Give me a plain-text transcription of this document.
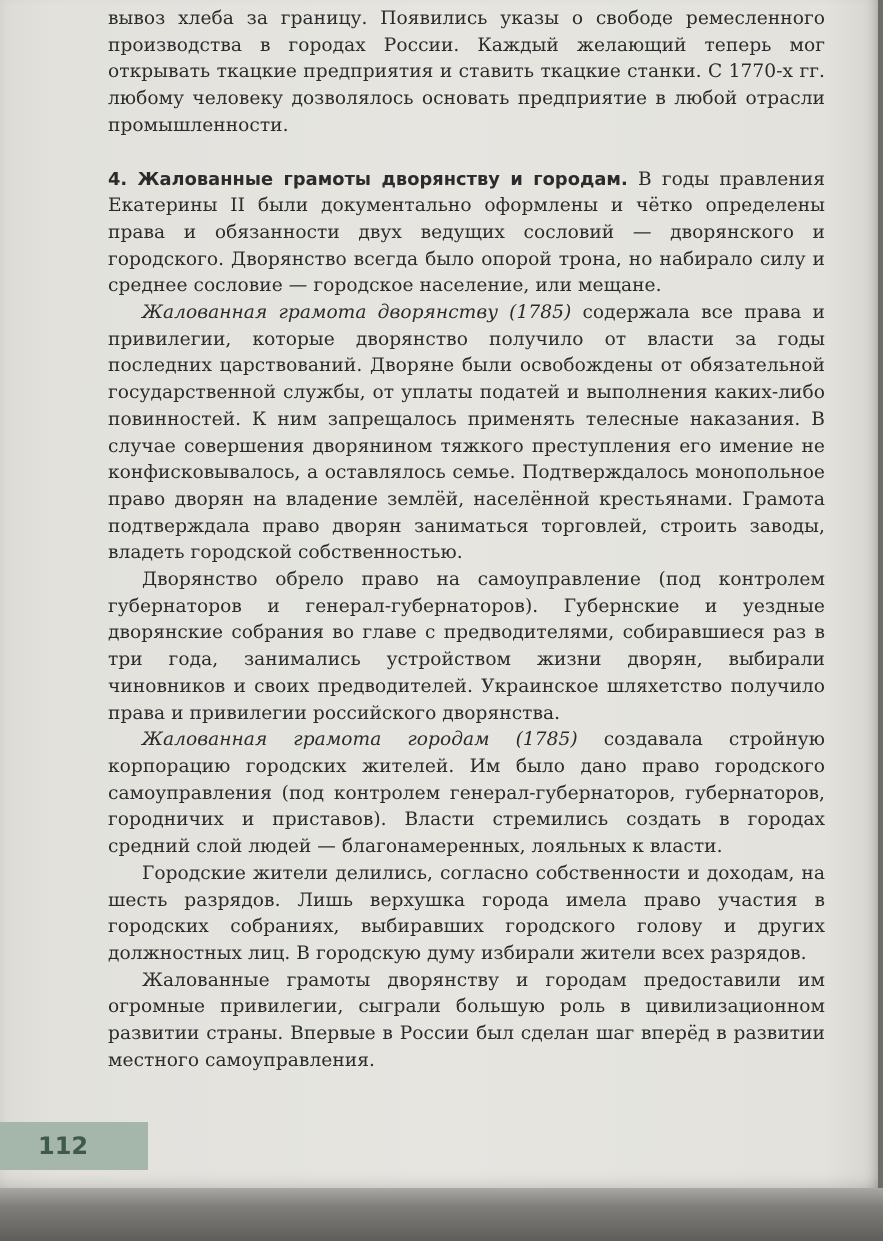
вывоз хлеба за границу. Появились указы о свободе ремесленного производства в городах России. Каждый желающий теперь мог открывать ткацкие предприятия и ставить ткацкие станки. С 1770-х гг. любому человеку дозволялось основать предприятие в любой отрасли промышленности.

4. Жалованные грамоты дворянству и городам. В годы правления Екатерины II были документально оформлены и чётко определены права и обязанности двух ведущих сословий — дворянского и городского. Дворянство всегда было опорой трона, но набирало силу и среднее сословие — городское население, или мещане.

Жалованная грамота дворянству (1785) содержала все права и привилегии, которые дворянство получило от власти за годы последних царствований. Дворяне были освобождены от обязательной государственной службы, от уплаты податей и выполнения каких-либо повинностей. К ним запрещалось применять телесные наказания. В случае совершения дворянином тяжкого преступления его имение не конфисковывалось, а оставлялось семье. Подтверждалось монопольное право дворян на владение землёй, населённой крестьянами. Грамота подтверждала право дворян заниматься торговлей, строить заводы, владеть городской собственностью.

Дворянство обрело право на самоуправление (под контролем губернаторов и генерал-губернаторов). Губернские и уездные дворянские собрания во главе с предводителями, собиравшиеся раз в три года, занимались устройством жизни дворян, выбирали чиновников и своих предводителей. Украинское шляхетство получило права и привилегии российского дворянства.

Жалованная грамота городам (1785) создавала стройную корпорацию городских жителей. Им было дано право городского самоуправления (под контролем генерал-губернаторов, губернаторов, городничих и приставов). Власти стремились создать в городах средний слой людей — благонамеренных, лояльных к власти.

Городские жители делились, согласно собственности и доходам, на шесть разрядов. Лишь верхушка города имела право участия в городских собраниях, выбиравших городского голову и других должностных лиц. В городскую думу избирали жители всех разрядов.

Жалованные грамоты дворянству и городам предоставили им огромные привилегии, сыграли большую роль в цивилизационном развитии страны. Впервые в России был сделан шаг вперёд в развитии местного самоуправления.

112
